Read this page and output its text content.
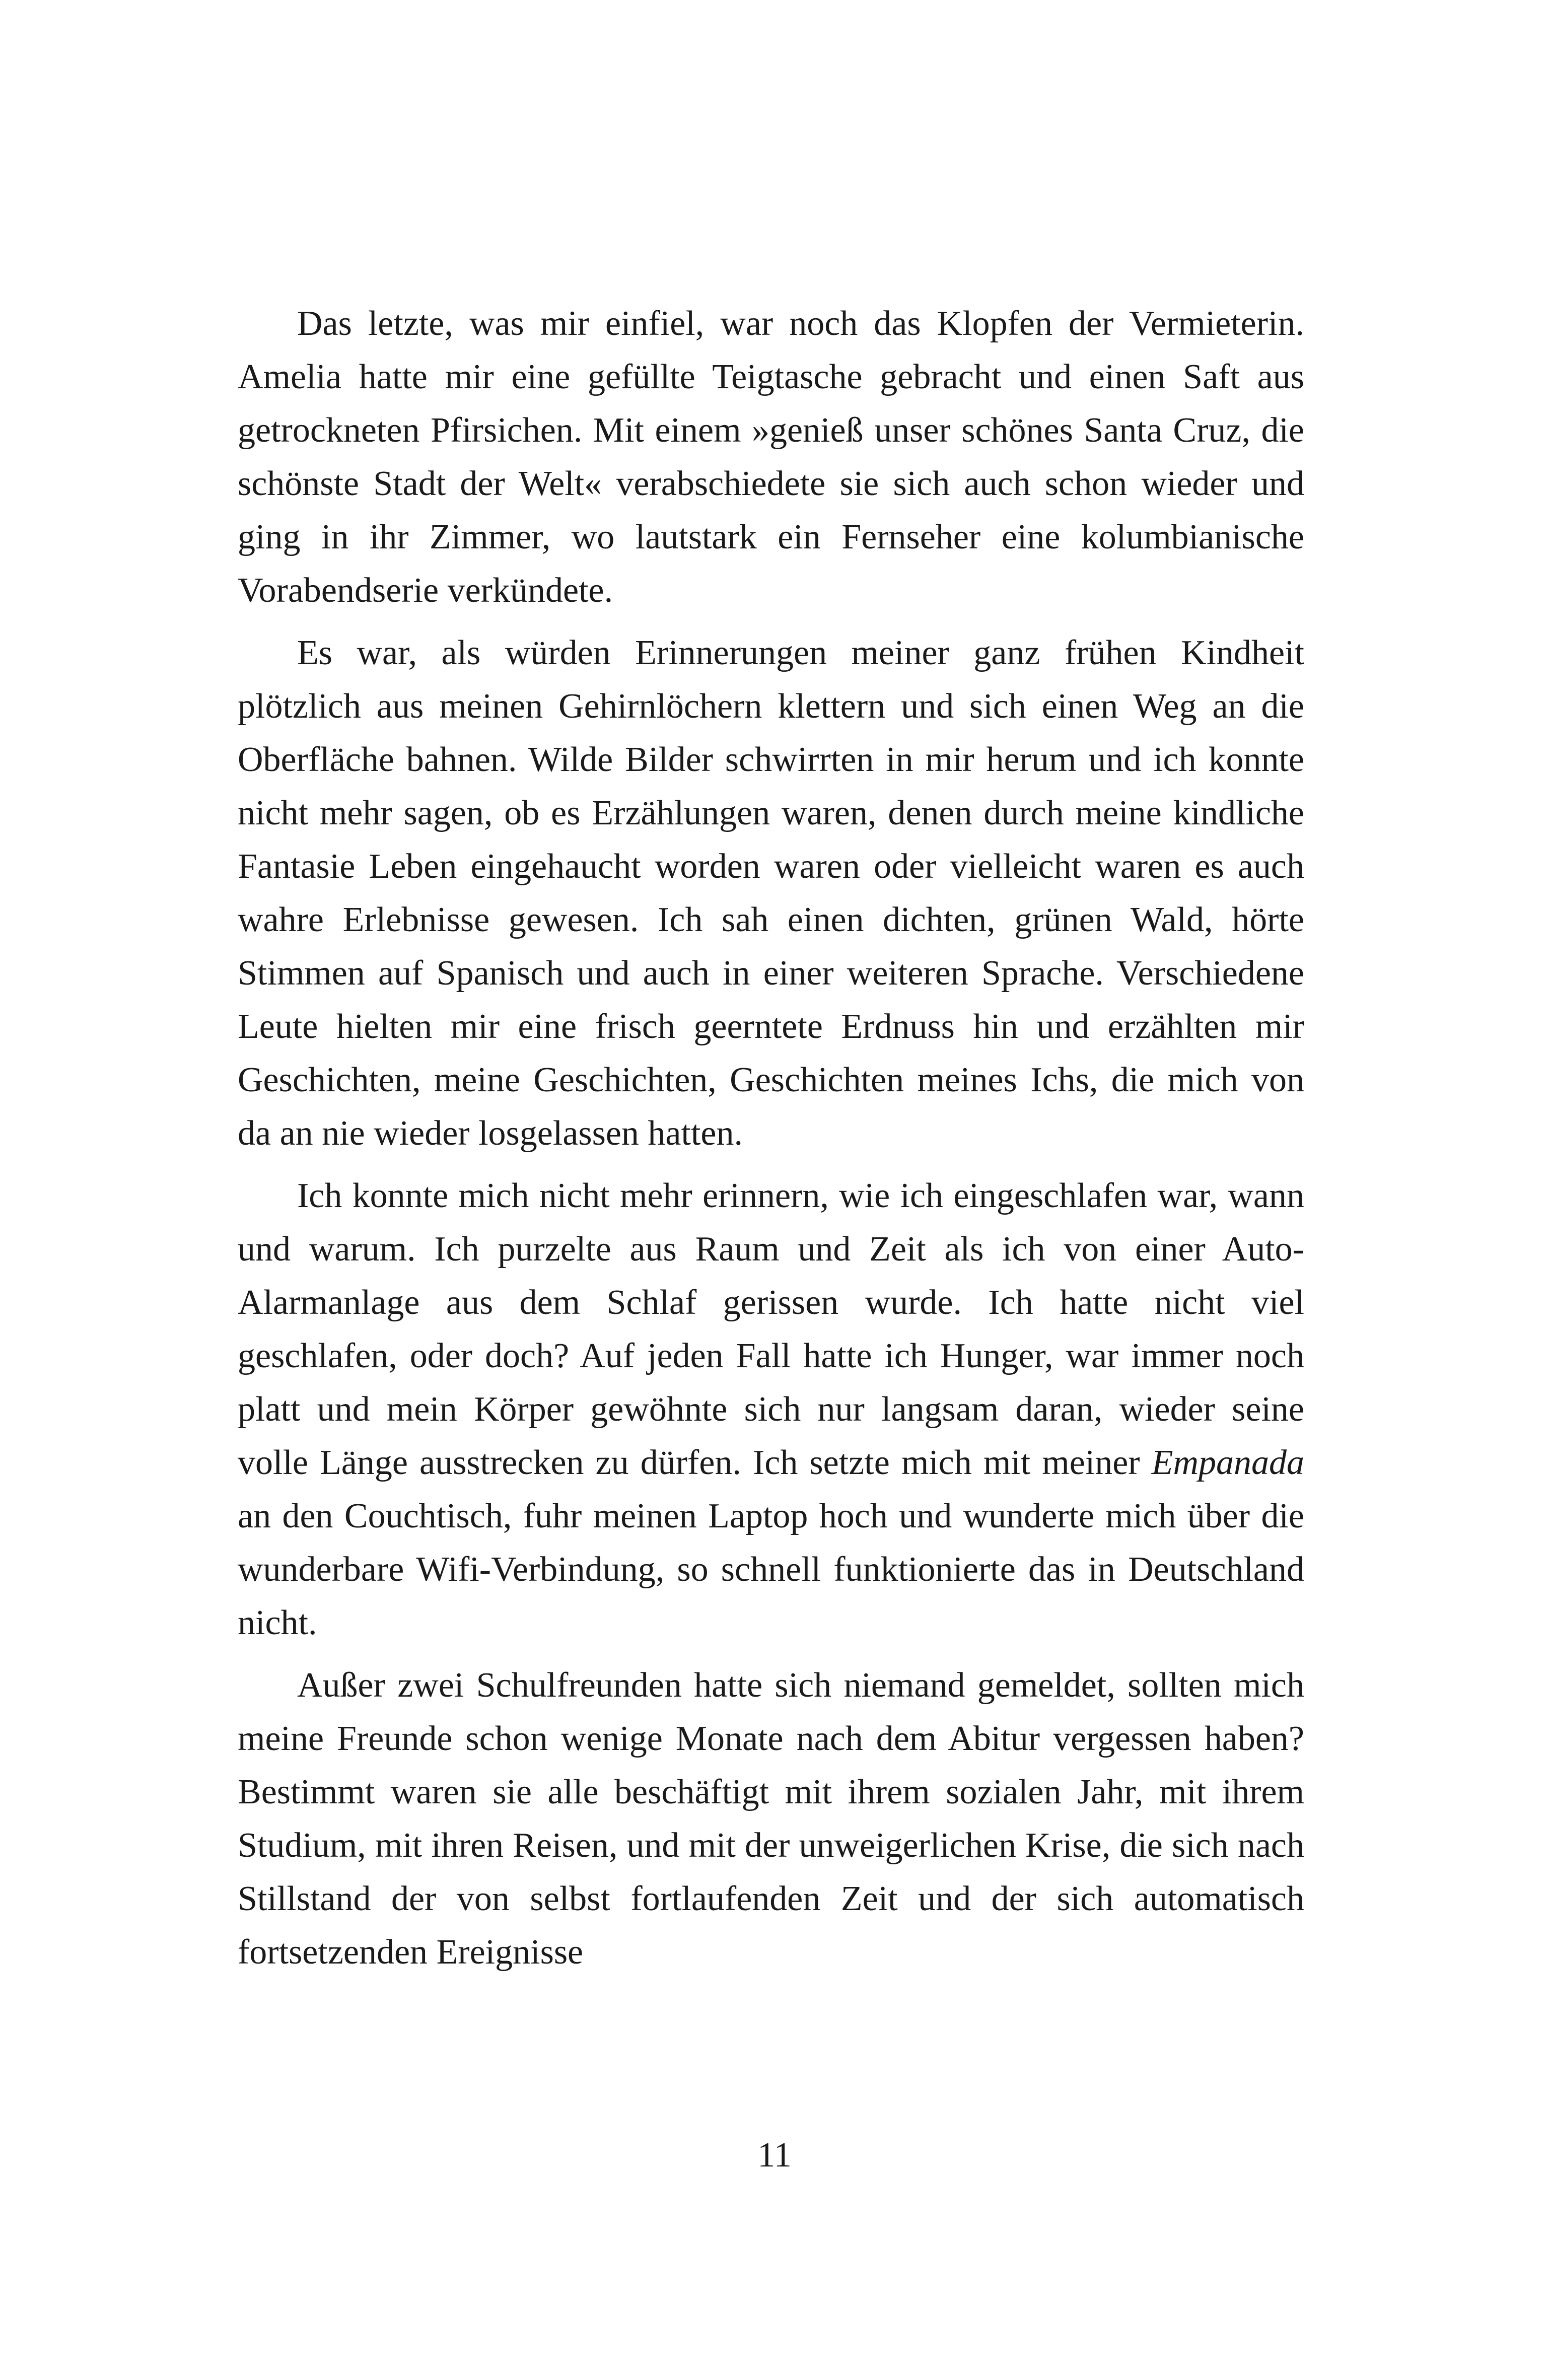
Das letzte, was mir einfiel, war noch das Klopfen der Vermieterin. Amelia hatte mir eine gefüllte Teigtasche gebracht und einen Saft aus getrockneten Pfirsichen. Mit einem »genieß unser schönes Santa Cruz, die schönste Stadt der Welt« verabschiedete sie sich auch schon wieder und ging in ihr Zimmer, wo lautstark ein Fernseher eine kolumbianische Vorabendserie verkündete.

Es war, als würden Erinnerungen meiner ganz frühen Kindheit plötzlich aus meinen Gehirnlöchern klettern und sich einen Weg an die Oberfläche bahnen. Wilde Bilder schwirrten in mir herum und ich konnte nicht mehr sagen, ob es Erzählungen waren, denen durch meine kindliche Fantasie Leben eingehaucht worden waren oder vielleicht waren es auch wahre Erlebnisse gewesen. Ich sah einen dichten, grünen Wald, hörte Stimmen auf Spanisch und auch in einer weiteren Sprache. Verschiedene Leute hielten mir eine frisch geerntete Erdnuss hin und erzählten mir Geschichten, meine Geschichten, Geschichten meines Ichs, die mich von da an nie wieder losgelassen hatten.

Ich konnte mich nicht mehr erinnern, wie ich eingeschlafen war, wann und warum. Ich purzelte aus Raum und Zeit als ich von einer Auto-Alarmanlage aus dem Schlaf gerissen wurde. Ich hatte nicht viel geschlafen, oder doch? Auf jeden Fall hatte ich Hunger, war immer noch platt und mein Körper gewöhnte sich nur langsam daran, wieder seine volle Länge ausstrecken zu dürfen. Ich setzte mich mit meiner Empanada an den Couchtisch, fuhr meinen Laptop hoch und wunderte mich über die wunderbare Wifi-Verbindung, so schnell funktionierte das in Deutschland nicht.

Außer zwei Schulfreunden hatte sich niemand gemeldet, sollten mich meine Freunde schon wenige Monate nach dem Abitur vergessen haben? Bestimmt waren sie alle beschäftigt mit ihrem sozialen Jahr, mit ihrem Studium, mit ihren Reisen, und mit der unweigerlichen Krise, die sich nach Stillstand der von selbst fortlaufenden Zeit und der sich automatisch fortsetzenden Ereignisse

11
